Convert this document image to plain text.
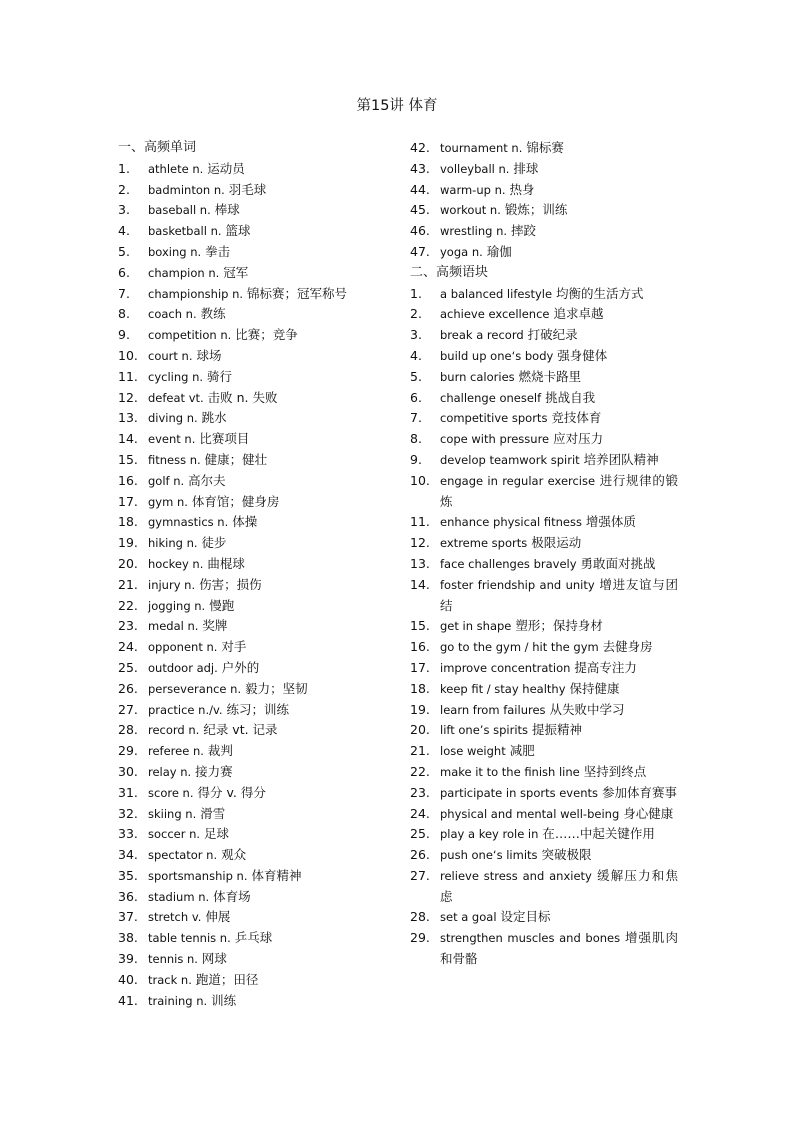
第15讲 体育
一、高频单词
1.	athlete n. 运动员
2.	badminton n. 羽毛球
3.	baseball n. 棒球
4.	basketball n. 篮球
5.	boxing n. 拳击
6.	champion n. 冠军
7.	championship n. 锦标赛；冠军称号
8.	coach n. 教练
9.	competition n. 比赛；竞争
10. court n. 球场
11. cycling n. 骑行
12. defeat vt. 击败 n. 失败
13. diving n. 跳水
14. event n. 比赛项目
15. fitness n. 健康；健壮
16. golf n. 高尔夫
17. gym n. 体育馆；健身房
18. gymnastics n. 体操
19. hiking n. 徒步
20. hockey n. 曲棍球
21. injury n. 伤害；损伤
22. jogging n. 慢跑
23. medal n. 奖牌
24. opponent n. 对手
25. outdoor adj. 户外的
26. perseverance n. 毅力；坚韧
27. practice n./v. 练习；训练
28. record n. 纪录 vt. 记录
29. referee n. 裁判
30. relay n. 接力赛
31. score n. 得分 v. 得分
32. skiing n. 滑雪
33. soccer n. 足球
34. spectator n. 观众
35. sportsmanship n. 体育精神
36. stadium n. 体育场
37. stretch v. 伸展
38. table tennis n. 乒乓球
39. tennis n. 网球
40. track n. 跑道；田径
41. training n. 训练
42. tournament n. 锦标赛
43. volleyball n. 排球
44. warm-up n. 热身
45. workout n. 锻炼；训练
46. wrestling n. 摔跤
47. yoga n. 瑜伽
二、高频语块
1.	a balanced lifestyle 均衡的生活方式
2.	achieve excellence 追求卓越
3.	break a record 打破纪录
4.	build up one‘s body 强身健体
5.	burn calories 燃烧卡路里
6.	challenge oneself 挑战自我
7.	competitive sports 竞技体育
8.	cope with pressure 应对压力
9.	develop teamwork spirit 培养团队精神
10. engage in regular exercise 进行规律的锻炼
11. enhance physical fitness 增强体质
12. extreme sports 极限运动
13. face challenges bravely 勇敢面对挑战
14. foster friendship and unity 增进友谊与团结
15. get in shape 塑形；保持身材
16. go to the gym / hit the gym 去健身房
17. improve concentration 提高专注力
18. keep fit / stay healthy 保持健康
19. learn from failures 从失败中学习
20. lift one’s spirits 提振精神
21. lose weight 减肥
22. make it to the finish line 坚持到终点
23. participate in sports events 参加体育赛事
24. physical and mental well-being 身心健康
25. play a key role in 在……中起关键作用
26. push one‘s limits 突破极限
27. relieve stress and anxiety 缓解压力和焦虑
28. set a goal 设定目标
29. strengthen muscles and bones 增强肌肉和骨骼
